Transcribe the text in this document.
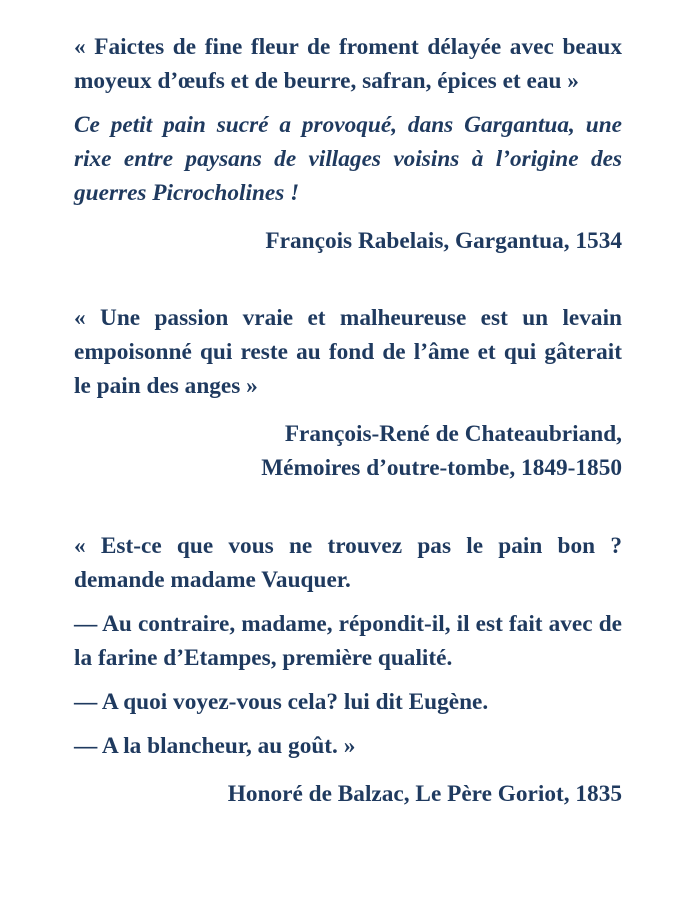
« Faictes de fine fleur de froment délayée avec beaux moyeux d’œufs et de beurre, safran, épices et eau »

Ce petit pain sucré a provoqué, dans Gargantua, une rixe entre paysans de villages voisins à l’origine des guerres Picrocholines !

François Rabelais, Gargantua, 1534

« Une passion vraie et malheureuse est un levain empoisonné qui reste au fond de l’âme et qui gâterait le pain des anges »

François-René de Chateaubriand,

Mémoires d’outre-tombe, 1849-1850

« Est-ce que vous ne trouvez pas le pain bon ? demande madame Vauquer.

— Au contraire, madame, répondit-il, il est fait avec de la farine d’Etampes, première qualité.

— A quoi voyez-vous cela? lui dit Eugène.

— A la blancheur, au goût. »

Honoré de Balzac, Le Père Goriot, 1835
